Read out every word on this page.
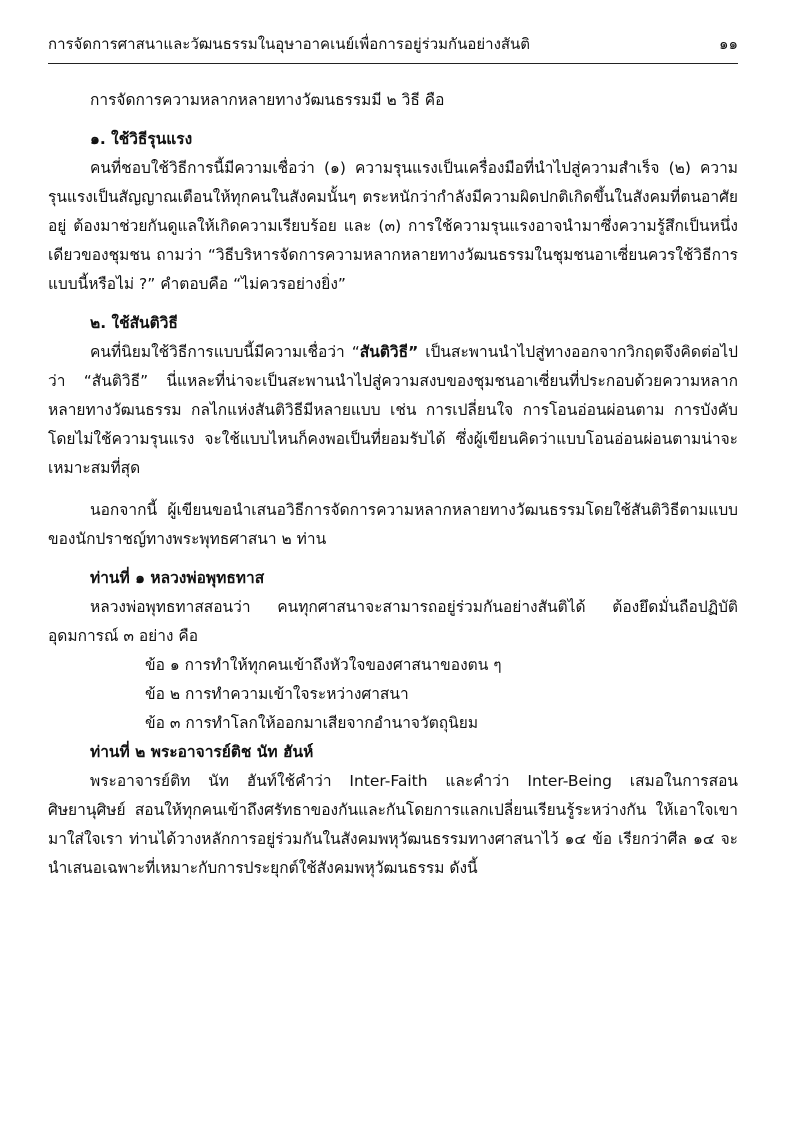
การจัดการศาสนาและวัฒนธรรมในอุษาอาคเนย์เพื่อการอยู่ร่วมกันอย่างสันติ	๑๑

การจัดการความหลากหลายทางวัฒนธรรมมี ๒ วิธี คือ

๑. ใช้วิธีรุนแรง

คนที่ชอบใช้วิธีการนี้มีความเชื่อว่า (๑) ความรุนแรงเป็นเครื่องมือที่นำไปสู่ความสำเร็จ (๒) ความรุนแรงเป็นสัญญาณเตือนให้ทุกคนในสังคมนั้นๆ ตระหนักว่ากำลังมีความผิดปกติเกิดขึ้นในสังคมที่ตนอาศัยอยู่ ต้องมาช่วยกันดูแลให้เกิดความเรียบร้อย และ (๓) การใช้ความรุนแรงอาจนำมาซึ่งความรู้สึกเป็นหนึ่งเดียวของชุมชน ถามว่า “วิธีบริหารจัดการความหลากหลายทางวัฒนธรรมในชุมชนอาเซี่ยนควรใช้วิธีการแบบนี้หรือไม่ ?” คำตอบคือ “ไม่ควรอย่างยิ่ง”

๒. ใช้สันติวิธี

คนที่นิยมใช้วิธีการแบบนี้มีความเชื่อว่า “สันติวิธี” เป็นสะพานนำไปสู่ทางออกจากวิกฤตจึงคิดต่อไปว่า “สันติวิธี” นี่แหละที่น่าจะเป็นสะพานนำไปสู่ความสงบของชุมชนอาเซี่ยนที่ประกอบด้วยความหลากหลายทางวัฒนธรรม กลไกแห่งสันติวิธีมีหลายแบบ เช่น การเปลี่ยนใจ การโอนอ่อนผ่อนตาม การบังคับโดยไม่ใช้ความรุนแรง จะใช้แบบไหนก็คงพอเป็นที่ยอมรับได้ ซึ่งผู้เขียนคิดว่าแบบโอนอ่อนผ่อนตามน่าจะเหมาะสมที่สุด

นอกจากนี้ ผู้เขียนขอนำเสนอวิธีการจัดการความหลากหลายทางวัฒนธรรมโดยใช้สันติวิธีตามแบบของนักปราชญ์ทางพระพุทธศาสนา ๒ ท่าน

ท่านที่ ๑ หลวงพ่อพุทธทาส

หลวงพ่อพุทธทาสสอนว่า คนทุกศาสนาจะสามารถอยู่ร่วมกันอย่างสันติได้ ต้องยึดมั่นถือปฏิบัติอุดมการณ์ ๓ อย่าง คือ

ข้อ ๑ การทำให้ทุกคนเข้าถึงหัวใจของศาสนาของตน ๆ

ข้อ ๒ การทำความเข้าใจระหว่างศาสนา

ข้อ ๓ การทำโลกให้ออกมาเสียจากอำนาจวัตถุนิยม

ท่านที่ ๒ พระอาจารย์ติช นัท ฮันห์

พระอาจารย์ติท นัท ฮันท์ใช้คำว่า Inter-Faith และคำว่า Inter-Being เสมอในการสอนศิษยานุศิษย์ สอนให้ทุกคนเข้าถึงศรัทธาของกันและกันโดยการแลกเปลี่ยนเรียนรู้ระหว่างกัน ให้เอาใจเขามาใส่ใจเรา ท่านได้วางหลักการอยู่ร่วมกันในสังคมพหุวัฒนธรรมทางศาสนาไว้ ๑๔ ข้อ เรียกว่าศีล ๑๔ จะนำเสนอเฉพาะที่เหมาะกับการประยุกต์ใช้สังคมพหุวัฒนธรรม ดังนี้
